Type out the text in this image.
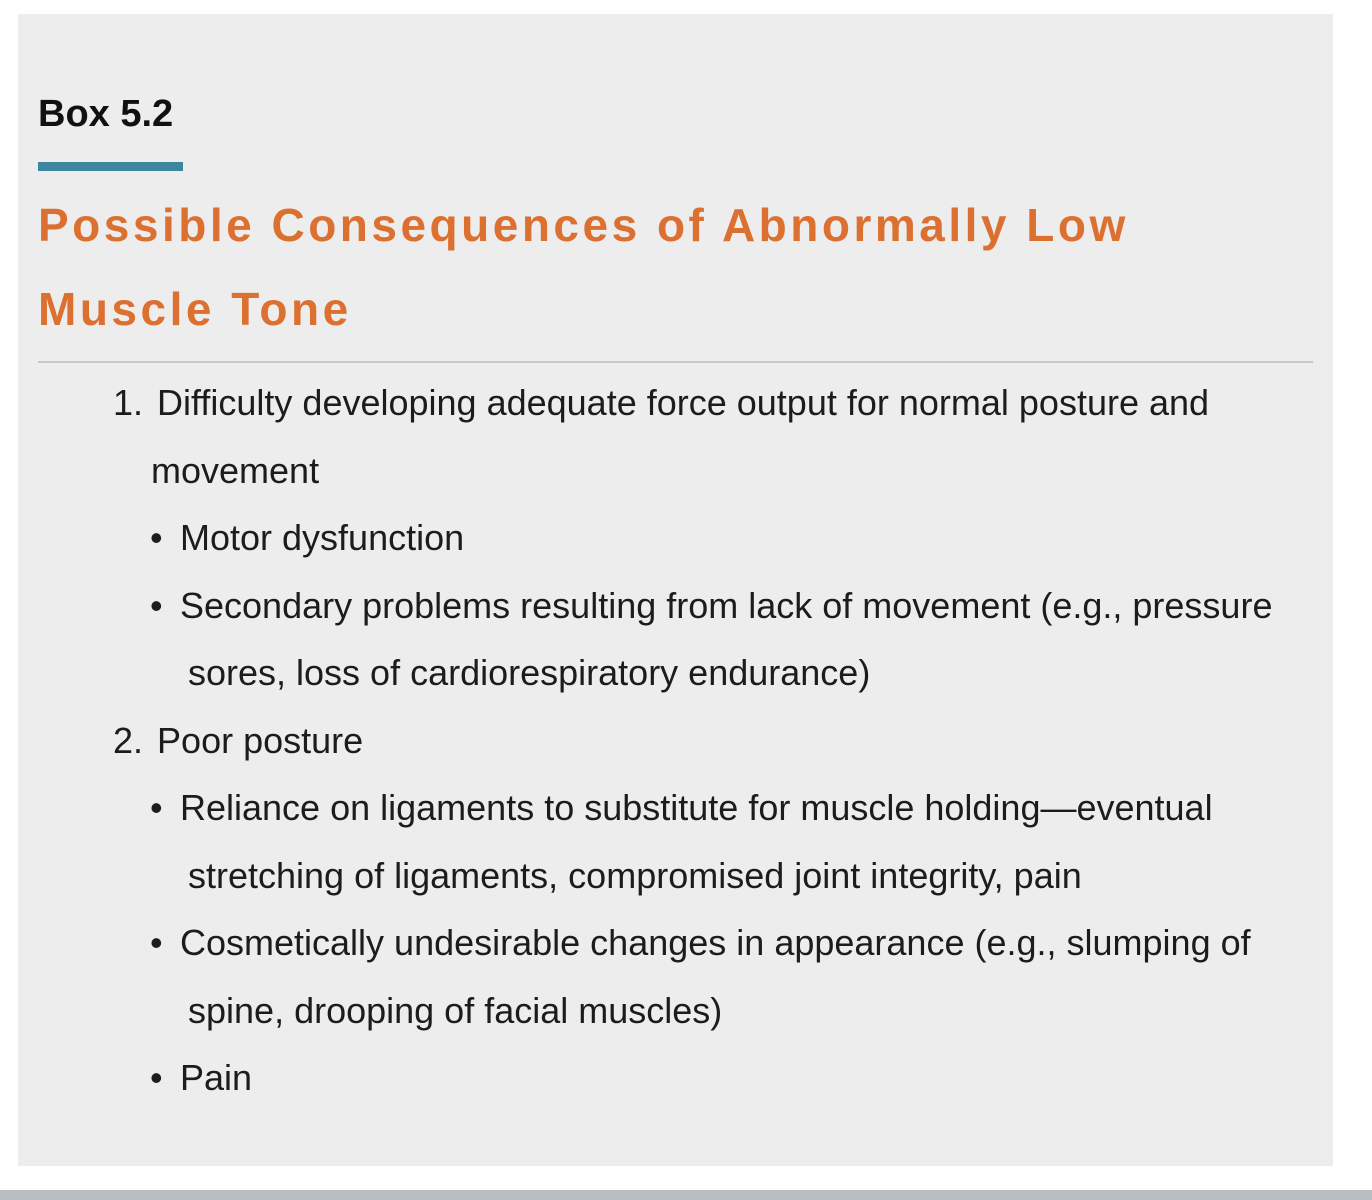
Box 5.2
Possible Consequences of Abnormally Low Muscle Tone
1. Difficulty developing adequate force output for normal posture and movement
• Motor dysfunction
• Secondary problems resulting from lack of movement (e.g., pressure sores, loss of cardiorespiratory endurance)
2. Poor posture
• Reliance on ligaments to substitute for muscle holding—eventual stretching of ligaments, compromised joint integrity, pain
• Cosmetically undesirable changes in appearance (e.g., slumping of spine, drooping of facial muscles)
• Pain
